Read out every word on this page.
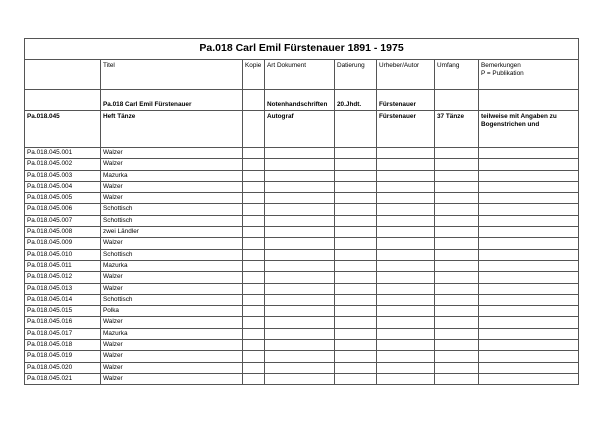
Pa.018 Carl Emil Fürstenauer 1891 - 1975							
	Titel	Kopie	Art Dokument	Datierung	Urheber/Autor	Umfang	Bemerkungen
P = Publikation
	Pa.018 Carl Emil Fürstenauer		Notenhandschriften	20.Jhdt.	Fürstenauer		
Pa.018.045	Heft Tänze		Autograf		Fürstenauer	37 Tänze	teilweise mit Angaben zu Bogenstrichen und
Pa.018.045.001	Walzer						
Pa.018.045.002	Walzer						
Pa.018.045.003	Mazurka						
Pa.018.045.004	Walzer						
Pa.018.045.005	Walzer						
Pa.018.045.006	Schottisch						
Pa.018.045.007	Schottisch						
Pa.018.045.008	zwei Ländler						
Pa.018.045.009	Walzer						
Pa.018.045.010	Schottisch						
Pa.018.045.011	Mazurka						
Pa.018.045.012	Walzer						
Pa.018.045.013	Walzer						
Pa.018.045.014	Schottisch						
Pa.018.045.015	Polka						
Pa.018.045.016	Walzer						
Pa.018.045.017	Mazurka						
Pa.018.045.018	Walzer						
Pa.018.045.019	Walzer						
Pa.018.045.020	Walzer						
Pa.018.045.021	Walzer						
